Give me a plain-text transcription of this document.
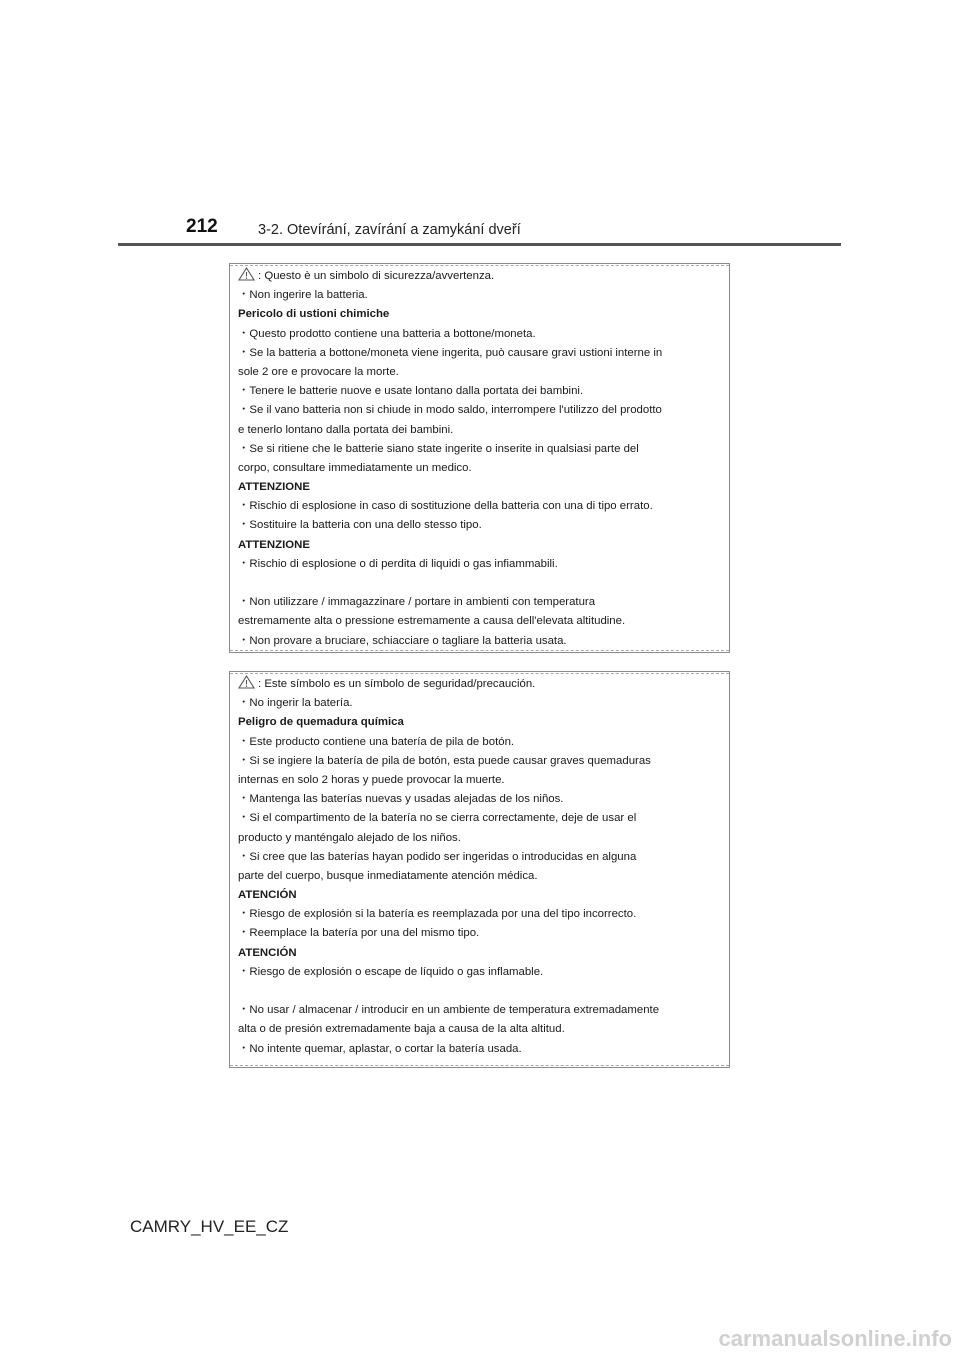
212	3-2. Otevírání, zavírání a zamykání dveří
: Questo è un simbolo di sicurezza/avvertenza.
・Non ingerire la batteria.
Pericolo di ustioni chimiche
・Questo prodotto contiene una batteria a bottone/moneta.
・Se la batteria a bottone/moneta viene ingerita, può causare gravi ustioni interne in
sole 2 ore e provocare la morte.
・Tenere le batterie nuove e usate lontano dalla portata dei bambini.
・Se il vano batteria non si chiude in modo saldo, interrompere l'utilizzo del prodotto
e tenerlo lontano dalla portata dei bambini.
・Se si ritiene che le batterie siano state ingerite o inserite in qualsiasi parte del
corpo, consultare immediatamente un medico.
ATTENZIONE
・Rischio di esplosione in caso di sostituzione della batteria con una di tipo errato.
・Sostituire la batteria con una dello stesso tipo.
ATTENZIONE
・Rischio di esplosione o di perdita di liquidi o gas infiammabili.
・Non utilizzare / immagazzinare / portare in ambienti con temperatura
estremamente alta o pressione estremamente a causa dell'elevata altitudine.
・Non provare a bruciare, schiacciare o tagliare la batteria usata.
: Este símbolo es un símbolo de seguridad/precaución.
・No ingerir la batería.
Peligro de quemadura química
・Este producto contiene una batería de pila de botón.
・Si se ingiere la batería de pila de botón, esta puede causar graves quemaduras
internas en solo 2 horas y puede provocar la muerte.
・Mantenga las baterías nuevas y usadas alejadas de los niños.
・Si el compartimento de la batería no se cierra correctamente, deje de usar el
producto y manténgalo alejado de los niños.
・Si cree que las baterías hayan podido ser ingeridas o introducidas en alguna
parte del cuerpo, busque inmediatamente atención médica.
ATENCIÓN
・Riesgo de explosión si la batería es reemplazada por una del tipo incorrecto.
・Reemplace la batería por una del mismo tipo.
ATENCIÓN
・Riesgo de explosión o escape de líquido o gas inflamable.
・No usar / almacenar / introducir en un ambiente de temperatura extremadamente
alta o de presión extremadamente baja a causa de la alta altitud.
・No intente quemar, aplastar, o cortar la batería usada.
CAMRY_HV_EE_CZ
carmanualsonline.info
